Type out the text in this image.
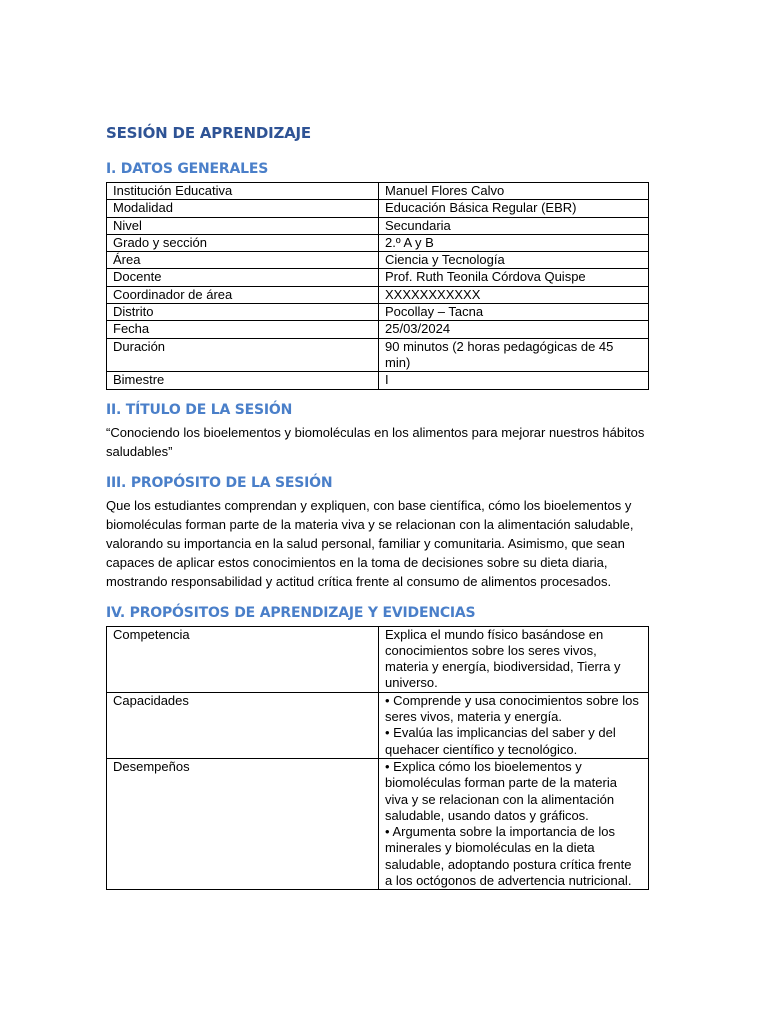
SESIÓN DE APRENDIZAJE
I. DATOS GENERALES
Institución Educativa	Manuel Flores Calvo
Modalidad	Educación Básica Regular (EBR)
Nivel	Secundaria
Grado y sección	2.º A y B
Área	Ciencia y Tecnología
Docente	Prof. Ruth Teonila Córdova Quispe
Coordinador de área	XXXXXXXXXXX
Distrito	Pocollay – Tacna
Fecha	25/03/2024
Duración	90 minutos (2 horas pedagógicas de 45 min)
Bimestre	I
II. TÍTULO DE LA SESIÓN

“Conociendo los bioelementos y biomoléculas en los alimentos para mejorar nuestros hábitos saludables”

III. PROPÓSITO DE LA SESIÓN

Que los estudiantes comprendan y expliquen, con base científica, cómo los bioelementos y biomoléculas forman parte de la materia viva y se relacionan con la alimentación saludable, valorando su importancia en la salud personal, familiar y comunitaria. Asimismo, que sean capaces de aplicar estos conocimientos en la toma de decisiones sobre su dieta diaria, mostrando responsabilidad y actitud crítica frente al consumo de alimentos procesados.

IV. PROPÓSITOS DE APRENDIZAJE Y EVIDENCIAS
Competencia	Explica el mundo físico basándose en conocimientos sobre los seres vivos, materia y energía, biodiversidad, Tierra y universo.

Capacidades	• Comprende y usa conocimientos sobre los seres vivos, materia y energía.
• Evalúa las implicancias del saber y del quehacer científico y tecnológico.

Desempeños	• Explica cómo los bioelementos y biomoléculas forman parte de la materia viva y se relacionan con la alimentación saludable, usando datos y gráficos.
• Argumenta sobre la importancia de los minerales y biomoléculas en la dieta saludable, adoptando postura crítica frente a los octógonos de advertencia nutricional.
